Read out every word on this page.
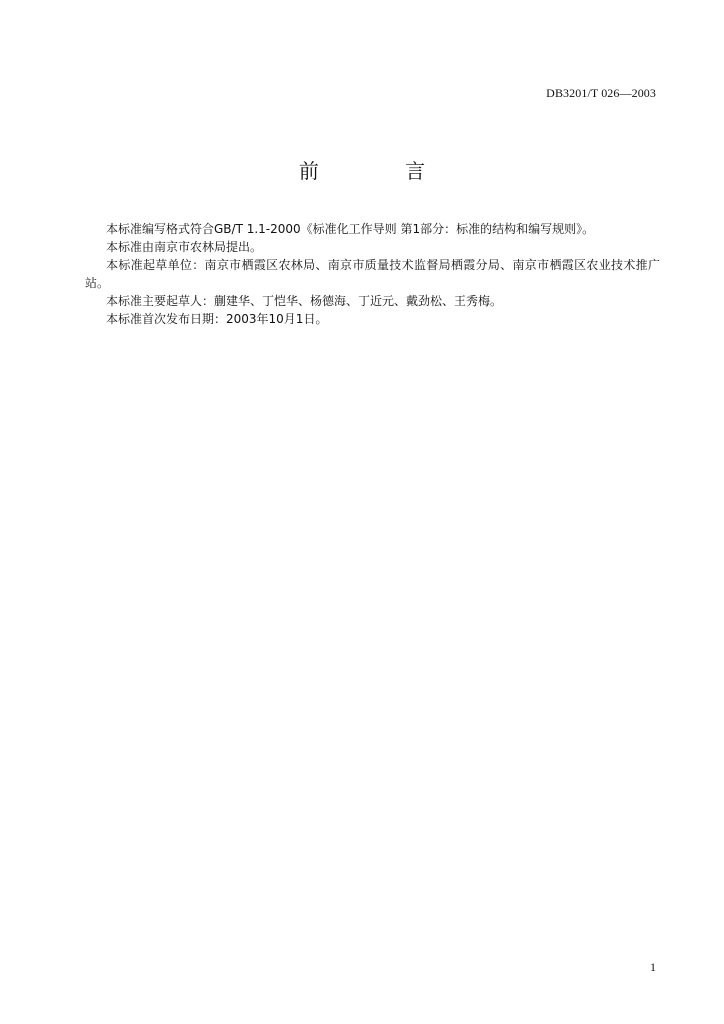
DB3201/T 026—2003
前 言

本标准编写格式符合GB/T 1.1-2000《标准化工作导则 第1部分：标准的结构和编写规则》。

本标准由南京市农林局提出。

本标准起草单位：南京市栖霞区农林局、南京市质量技术监督局栖霞分局、南京市栖霞区农业技术推广站。

本标准主要起草人：蒯建华、丁恺华、杨德海、丁近元、戴劲松、王秀梅。

本标准首次发布日期：2003年10月1日。

1
